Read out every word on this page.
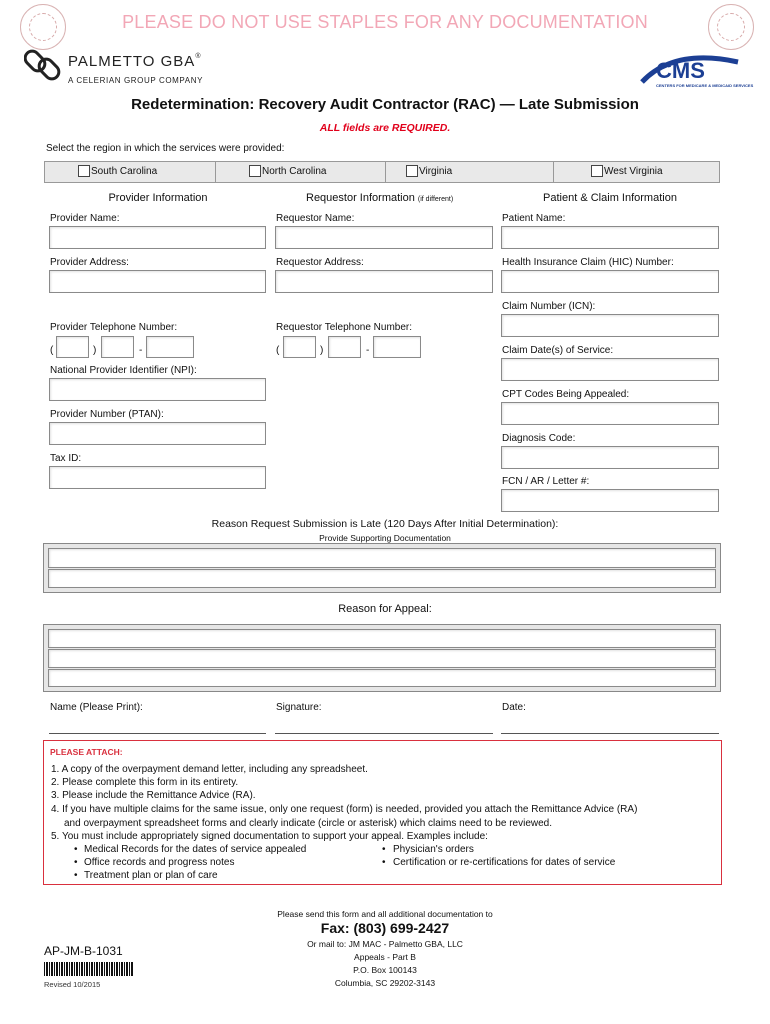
PLEASE DO NOT USE STAPLES FOR ANY DOCUMENTATION
PALMETTO GBA®
A CELERIAN GROUP COMPANY	CMS
CENTERS FOR MEDICARE & MEDICAID SERVICES
Redetermination: Recovery Audit Contractor (RAC) — Late Submission
ALL fields are REQUIRED.
Select the region in which the services were provided:
South Carolina	North Carolina	Virginia	West Virginia
Provider Information	Requestor Information (if different)	Patient & Claim Information
Provider Name:
Provider Address:
Provider Telephone Number:
(	)	-
National Provider Identifier (NPI):
Provider Number (PTAN):
Tax ID:
Requestor Name:
Requestor Address:
Requestor Telephone Number:
(	)	-
Patient Name:
Health Insurance Claim (HIC) Number:
Claim Number (ICN):
Claim Date(s) of Service:
CPT Codes Being Appealed:
Diagnosis Code:
FCN / AR / Letter #:
Reason Request Submission is Late (120 Days After Initial Determination):
Provide Supporting Documentation
Reason for Appeal:
Name (Please Print):	Signature:	Date:
PLEASE ATTACH:
1. A copy of the overpayment demand letter, including any spreadsheet.
2. Please complete this form in its entirety.
3. Please include the Remittance Advice (RA).
4. If you have multiple claims for the same issue, only one request (form) is needed, provided you attach the Remittance Advice (RA)
and overpayment spreadsheet forms and clearly indicate (circle or asterisk) which claims need to be reviewed.
5. You must include appropriately signed documentation to support your appeal. Examples include:
• Medical Records for the dates of service appealed
• Office records and progress notes
• Treatment plan or plan of care
• Physician's orders
• Certification or re-certifications for dates of service
Please send this form and all additional documentation to
Fax: (803) 699-2427
Or mail to: JM MAC - Palmetto GBA, LLC
Appeals - Part B
P.O. Box 100143
Columbia, SC 29202-3143
AP-JM-B-1031
Revised 10/2015
